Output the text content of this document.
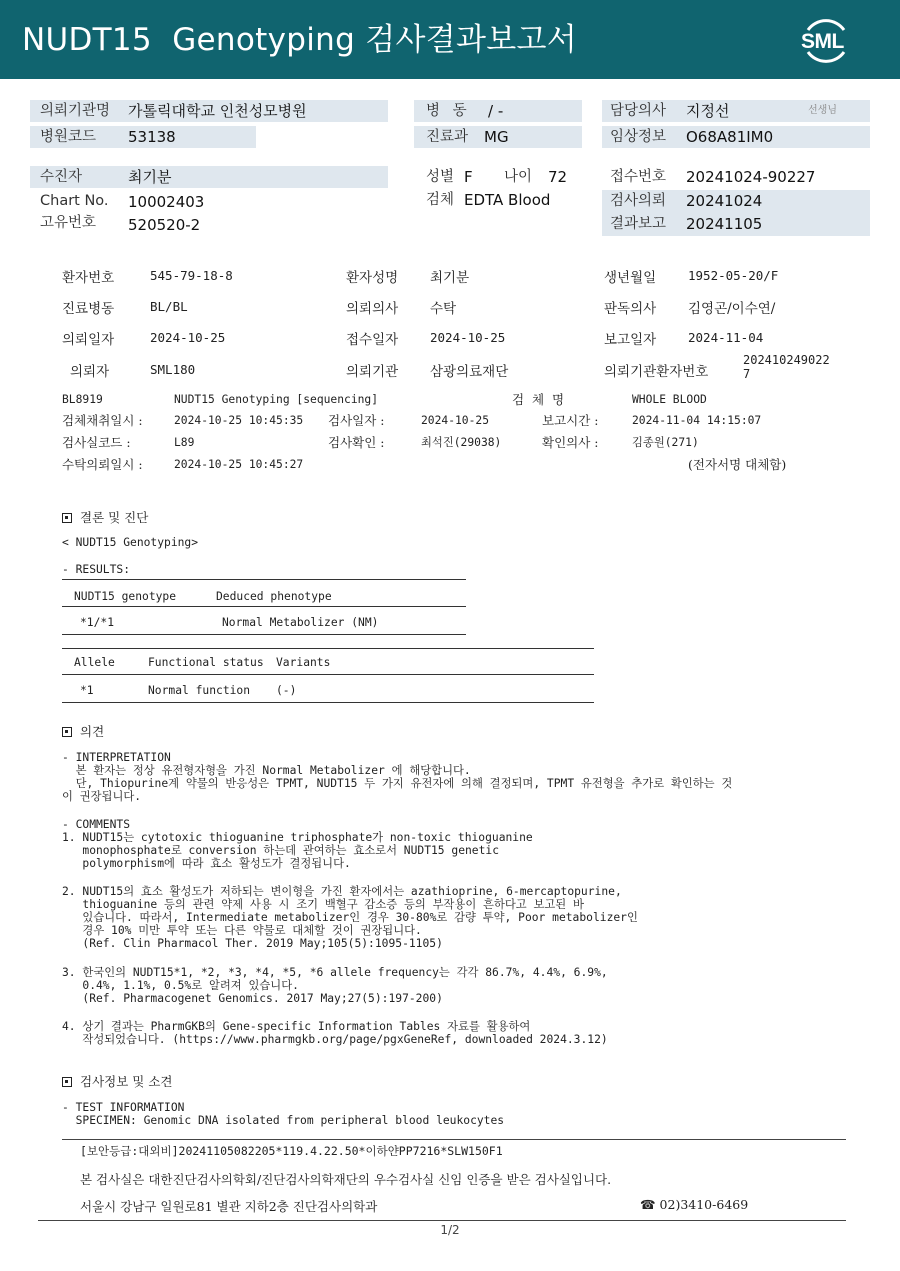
NUDT15  Genotyping 검사결과보고서	SML
의뢰기관명 가톨릭대학교 인천성모병원
병원코드 53138
병 동 / -
진료과 MG
담당의사 지정선	선생님
임상정보 O68A81IM0
수진자	최기분
Chart No. 10002403
고유번호 520520-2
성별 F 나이 72
검체 EDTA Blood
접수번호 20241024-90227
검사의뢰 20241024
결과보고 20241105
환자번호	545-79-18-8	환자성명 최기분	생년월일	1952-05-20/F
진료병동	BL/BL	의뢰의사 수탁	판독의사 김영곤/이수연/
의뢰일자	2024-10-25	접수일자	2024-10-25	보고일자	2024-11-04
의뢰자	SML180	의뢰기관 삼광의료재단	의뢰기관환자번호
202410249022
7
BL8919	NUDT15 Genotyping [sequencing]	검  체  명	WHOLE BLOOD
검체채취일시 :	2024-10-25 10:45:35 검사일자 :	2024-10-25	보고시간 :	2024-11-04 14:15:07
검사실코드 :	L89	검사확인 :	최석진(29038)	확인의사 :	김종원(271)
수탁의뢰일시 :	2024-10-25 10:45:27	(전자서명 대체함)
결론 및 진단
< NUDT15 Genotyping>
- RESULTS:
NUDT15 genotype	Deduced phenotype
*1/*1	Normal Metabolizer (NM)
Allele	Functional status Variants
*1	Normal function (-)
의견
- INTERPRETATION
본 환자는 정상 유전형자형을 가진 Normal Metabolizer 에 해당합니다.
단, Thiopurine계 약물의 반응성은 TPMT, NUDT15 두 가지 유전자에 의해 결정되며, TPMT 유전형을 추가로 확인하는 것
이 권장됩니다.
- COMMENTS
1. NUDT15는 cytotoxic thioguanine triphosphate가 non-toxic thioguanine
monophosphate로 conversion 하는데 관여하는 효소로서 NUDT15 genetic
polymorphism에 따라 효소 활성도가 결정됩니다.
2. NUDT15의 효소 활성도가 저하되는 변이형을 가진 환자에서는 azathioprine, 6-mercaptopurine,
thioguanine 등의 관련 약제 사용 시 조기 백혈구 감소증 등의 부작용이 흔하다고 보고된 바
있습니다. 따라서, Intermediate metabolizer인 경우 30-80%로 감량 투약, Poor metabolizer인
경우 10% 미만 투약 또는 다른 약물로 대체할 것이 권장됩니다.
(Ref. Clin Pharmacol Ther. 2019 May;105(5):1095-1105)
3. 한국인의 NUDT15*1, *2, *3, *4, *5, *6 allele frequency는 각각 86.7%, 4.4%, 6.9%,
0.4%, 1.1%, 0.5%로 알려져 있습니다.
(Ref. Pharmacogenet Genomics. 2017 May;27(5):197-200)
4. 상기 결과는 PharmGKB의 Gene-specific Information Tables 자료를 활용하여
작성되었습니다. (https://www.pharmgkb.org/page/pgxGeneRef, downloaded 2024.3.12)
검사정보 및 소견
- TEST INFORMATION
SPECIMEN: Genomic DNA isolated from peripheral blood leukocytes
[보안등급:대외비]20241105082205*119.4.22.50*이하얀PP7216*SLW150F1
본 검사실은 대한진단검사의학회/진단검사의학재단의 우수검사실 신임 인증을 받은 검사실입니다.
서울시 강남구 일원로81 별관 지하2층 진단검사의학과	☎ 02)3410-6469
1/2
